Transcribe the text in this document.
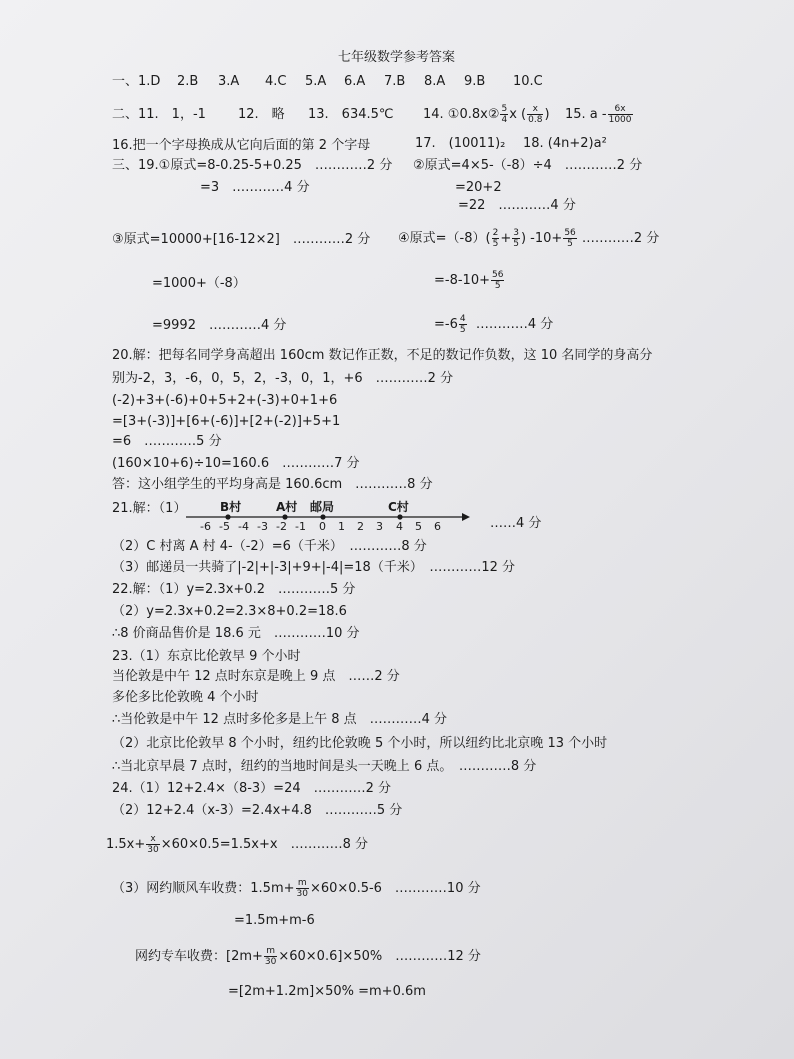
七年级数学参考答案
一、 1.D 2.B 3.A 4.C 5.A 6.A 7.B 8.A 9.B 10.C
二、 11.　1，-1 12.　略 13.　634.5℃ 14. ①0.8x② $\frac{5}{4}$ x ( $\frac{x}{0.8}$ ) 15. a - $\frac{6x}{1000}$
16.把一个字母换成从它向后面的第 2 个字母	17.　(10011)₂ 18. (4n+2)a²
三、19.①原式=8-0.25-5+0.25　…………2 分 ②原式=4×5-（-8）÷4　…………2 分
=3　…………4 分	=20+2
=22　…………4 分
③原式=10000+[16-12×2]　…………2 分 ④原式$=(-8)( \frac{2}{5} + \frac{3}{5}$ ) $-10+ \frac{56}{5}$ …………2 分
=1000+（-8）	$=-8-10+ \frac{56}{5}$
=9992　…………4 分	$=-6 \frac{4}{5}$ …………4 分
20.解：把每名同学身高超出 160cm 数记作正数，不足的数记作负数，这 10 名同学的身高分
别为-2，3，-6，0，5，2，-3，0，1，+6　…………2 分
(-2)+3+(-6)+0+5+2+(-3)+0+1+6
=[3+(-3)]+[6+(-6)]+[2+(-2)]+5+1
=6　…………5 分
(160×10+6)÷10=160.6　…………7 分
答：这小组学生的平均身高是 160.6cm　…………8 分
21.解：（1）	B村	A村 邮局	C村
-6 -5 -4 -3 -2 -1 0 1 2 3 4 5 6	……4 分
（2）C 村离 A 村 4-（-2）=6（千米）　…………8 分
（3）邮递员一共骑了|-2|+|-3|+9+|-4|=18（千米）　…………12 分
22.解：（1）y=2.3x+0.2　…………5 分
（2）y=2.3x+0.2=2.3×8+0.2=18.6
∴8 价商品售价是 18.6 元　…………10 分
23.（1）东京比伦敦早 9 个小时
当伦敦是中午 12 点时东京是晚上 9 点　……2 分
多伦多比伦敦晚 4 个小时
∴当伦敦是中午 12 点时多伦多是上午 8 点　…………4 分
（2）北京比伦敦早 8 个小时，纽约比伦敦晚 5 个小时，所以纽约比北京晚 13 个小时
∴当北京早晨 7 点时，纽约的当地时间是头一天晚上 6 点。　…………8 分
24.（1）12+2.4×（8-3）=24　…………2 分
（2）12+2.4（x-3）=2.4x+4.8　…………5 分
$1.5x+ \frac{x}{30} \times 60\times 0.5=1.5x+x$　…………8 分
（3）网约顺风车收费：$1.5m+ \frac{m}{30} \times 60\times 0.5-6$　…………10 分
=1.5m+m-6
网约专车收费：$[2m+ \frac{m}{30} \times 60\times 0.6]\times 50\%$　…………12 分
=[2m+1.2m]×50% =m+0.6m
